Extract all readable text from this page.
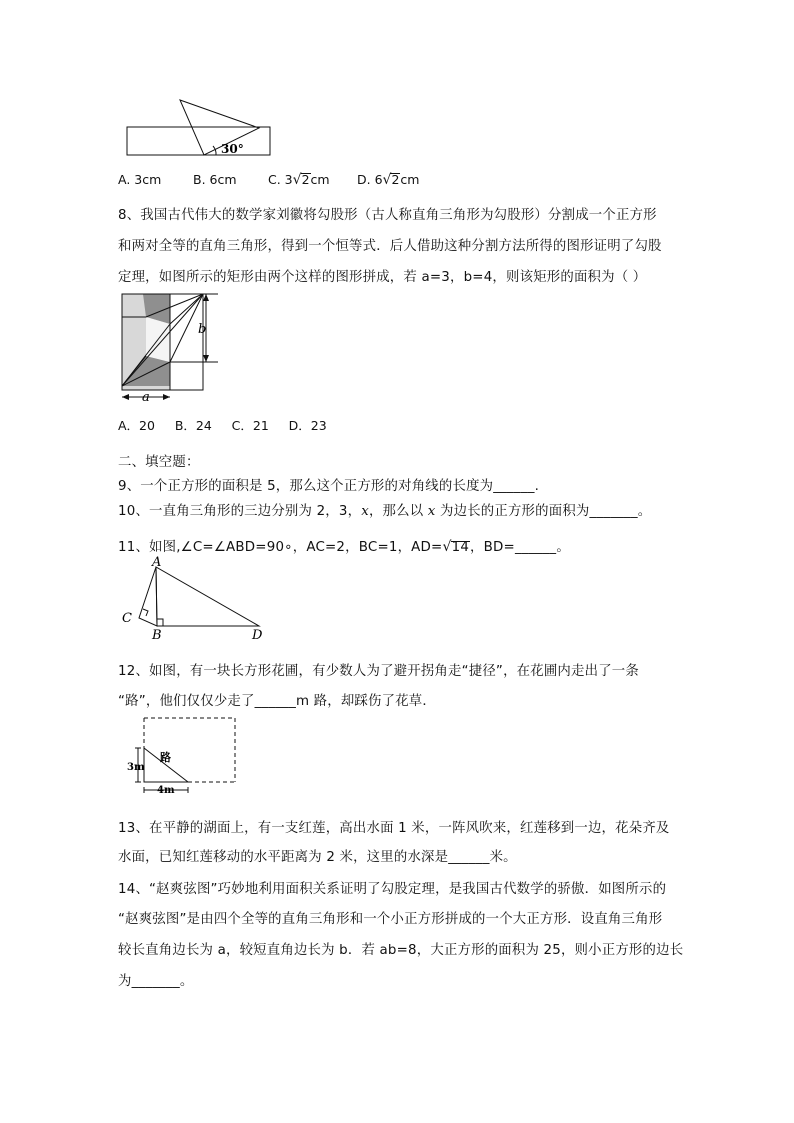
30°
A. 3cm	B. 6cm	C. 3√2cm D. 6√2cm
8、我国古代伟大的数学家刘徽将勾股形（古人称直角三角形为勾股形）分割成一个正方形
和两对全等的直角三角形，得到一个恒等式．后人借助这种分割方法所得的图形证明了勾股
定理，如图所示的矩形由两个这样的图形拼成，若 a=3，b=4，则该矩形的面积为（ ）
b
a
A．20     B．24     C．21     D．23
二、填空题：
9、一个正方形的面积是 5，那么这个正方形的对角线的长度为______.
10、一直角三角形的三边分别为 2，3，x，那么以 x 为边长的正方形的面积为_______。
11、如图,∠C=∠ABD=90∘，AC=2，BC=1，AD=√14，BD=______。
A
C
B	D
12、如图，有一块长方形花圃，有少数人为了避开拐角走“捷径”，在花圃内走出了一条
“路”，他们仅仅少走了______m 路，却踩伤了花草．
3m
4m
路
13、在平静的湖面上，有一支红莲，高出水面 1 米，一阵风吹来，红莲移到一边，花朵齐及
水面，已知红莲移动的水平距离为 2 米，这里的水深是______米。
14、“赵爽弦图”巧妙地利用面积关系证明了勾股定理，是我国古代数学的骄傲．如图所示的
“赵爽弦图”是由四个全等的直角三角形和一个小正方形拼成的一个大正方形．设直角三角形
较长直角边长为 a，较短直角边长为 b．若 ab=8，大正方形的面积为 25，则小正方形的边长
为_______。
